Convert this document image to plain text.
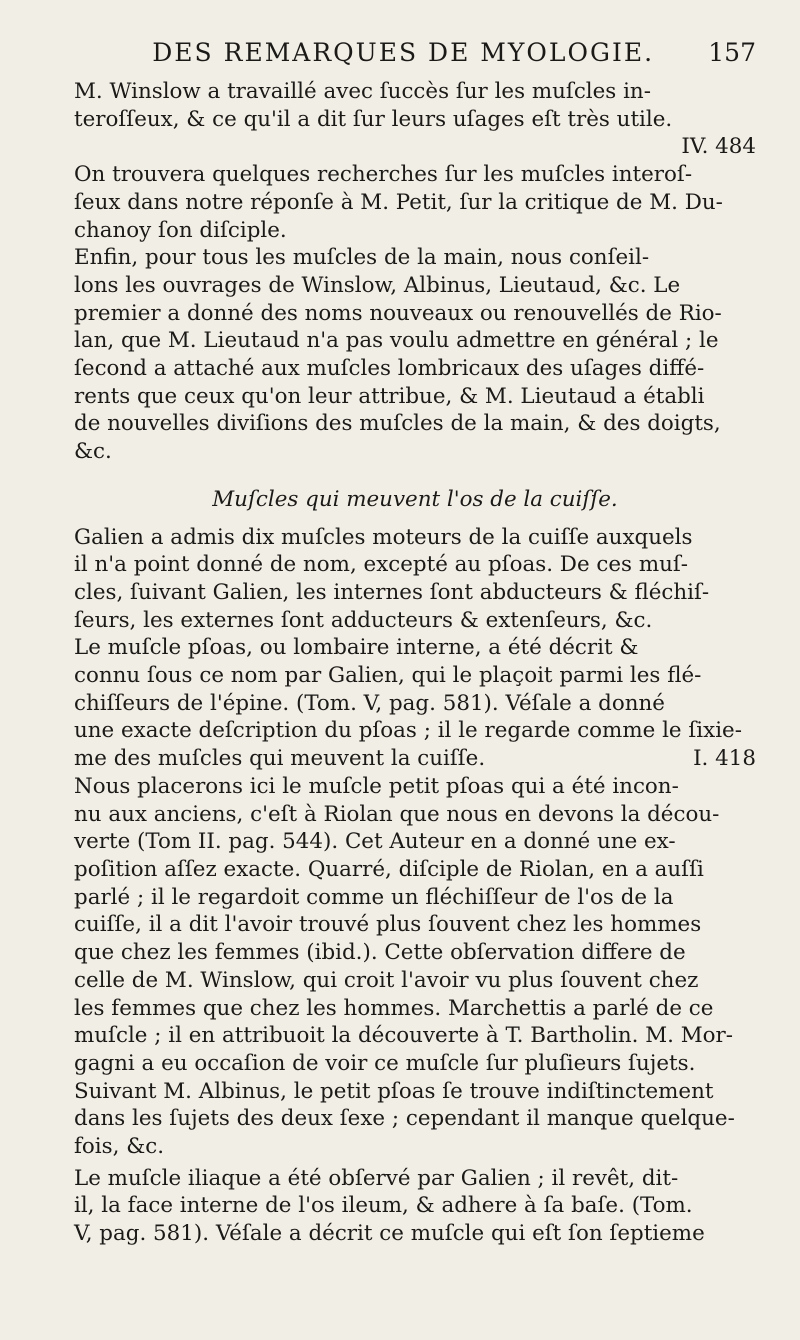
DES REMARQUES DE MYOLOGIE.	157
M. Winslow a travaillé avec ſuccès ſur les muſcles in-
teroſſeux, & ce qu'il a dit ſur leurs uſages eſt très utile.
IV. 484
On trouvera quelques recherches ſur les muſcles interoſ-
ſeux dans notre réponſe à M. Petit, ſur la critique de M. Du-
chanoy ſon diſciple.
Enfin, pour tous les muſcles de la main, nous conſeil-
lons les ouvrages de Winslow, Albinus, Lieutaud, &c. Le
premier a donné des noms nouveaux ou renouvellés de Rio-
lan, que M. Lieutaud n'a pas voulu admettre en général ; le
ſecond a attaché aux muſcles lombricaux des uſages diffé-
rents que ceux qu'on leur attribue, & M. Lieutaud a établi
de nouvelles diviſions des muſcles de la main, & des doigts,
&c.
Muſcles qui meuvent l'os de la cuiſſe.
Galien a admis dix muſcles moteurs de la cuiſſe auxquels
il n'a point donné de nom, excepté au pſoas. De ces muſ-
cles, ſuivant Galien, les internes ſont abducteurs & fléchiſ-
ſeurs, les externes ſont adducteurs & extenſeurs, &c.
Le muſcle pſoas, ou lombaire interne, a été décrit &
connu ſous ce nom par Galien, qui le plaçoit parmi les flé-
chiſſeurs de l'épine. (Tom. V, pag. 581). Véſale a donné
une exacte deſcription du pſoas ; il le regarde comme le ſixie-
me des muſcles qui meuvent la cuiſſe.	I. 418
Nous placerons ici le muſcle petit pſoas qui a été incon-
nu aux anciens, c'eſt à Riolan que nous en devons la décou-
verte (Tom II. pag. 544). Cet Auteur en a donné une ex-
poſition aſſez exacte. Quarré, diſciple de Riolan, en a auſſi
parlé ; il le regardoit comme un fléchiſſeur de l'os de la
cuiſſe, il a dit l'avoir trouvé plus ſouvent chez les hommes
que chez les femmes (ibid.). Cette obſervation differe de
celle de M. Winslow, qui croit l'avoir vu plus ſouvent chez
les femmes que chez les hommes. Marchettis a parlé de ce
muſcle ; il en attribuoit la découverte à T. Bartholin. M. Mor-
gagni a eu occaſion de voir ce muſcle ſur pluſieurs ſujets.
Suivant M. Albinus, le petit pſoas ſe trouve indiſtinctement
dans les ſujets des deux ſexe ; cependant il manque quelque-
fois, &c.
Le muſcle iliaque a été obſervé par Galien ; il revêt, dit-
il, la face interne de l'os ileum, & adhere à ſa baſe. (Tom.
V, pag. 581). Véſale a décrit ce muſcle qui eſt ſon ſeptieme
